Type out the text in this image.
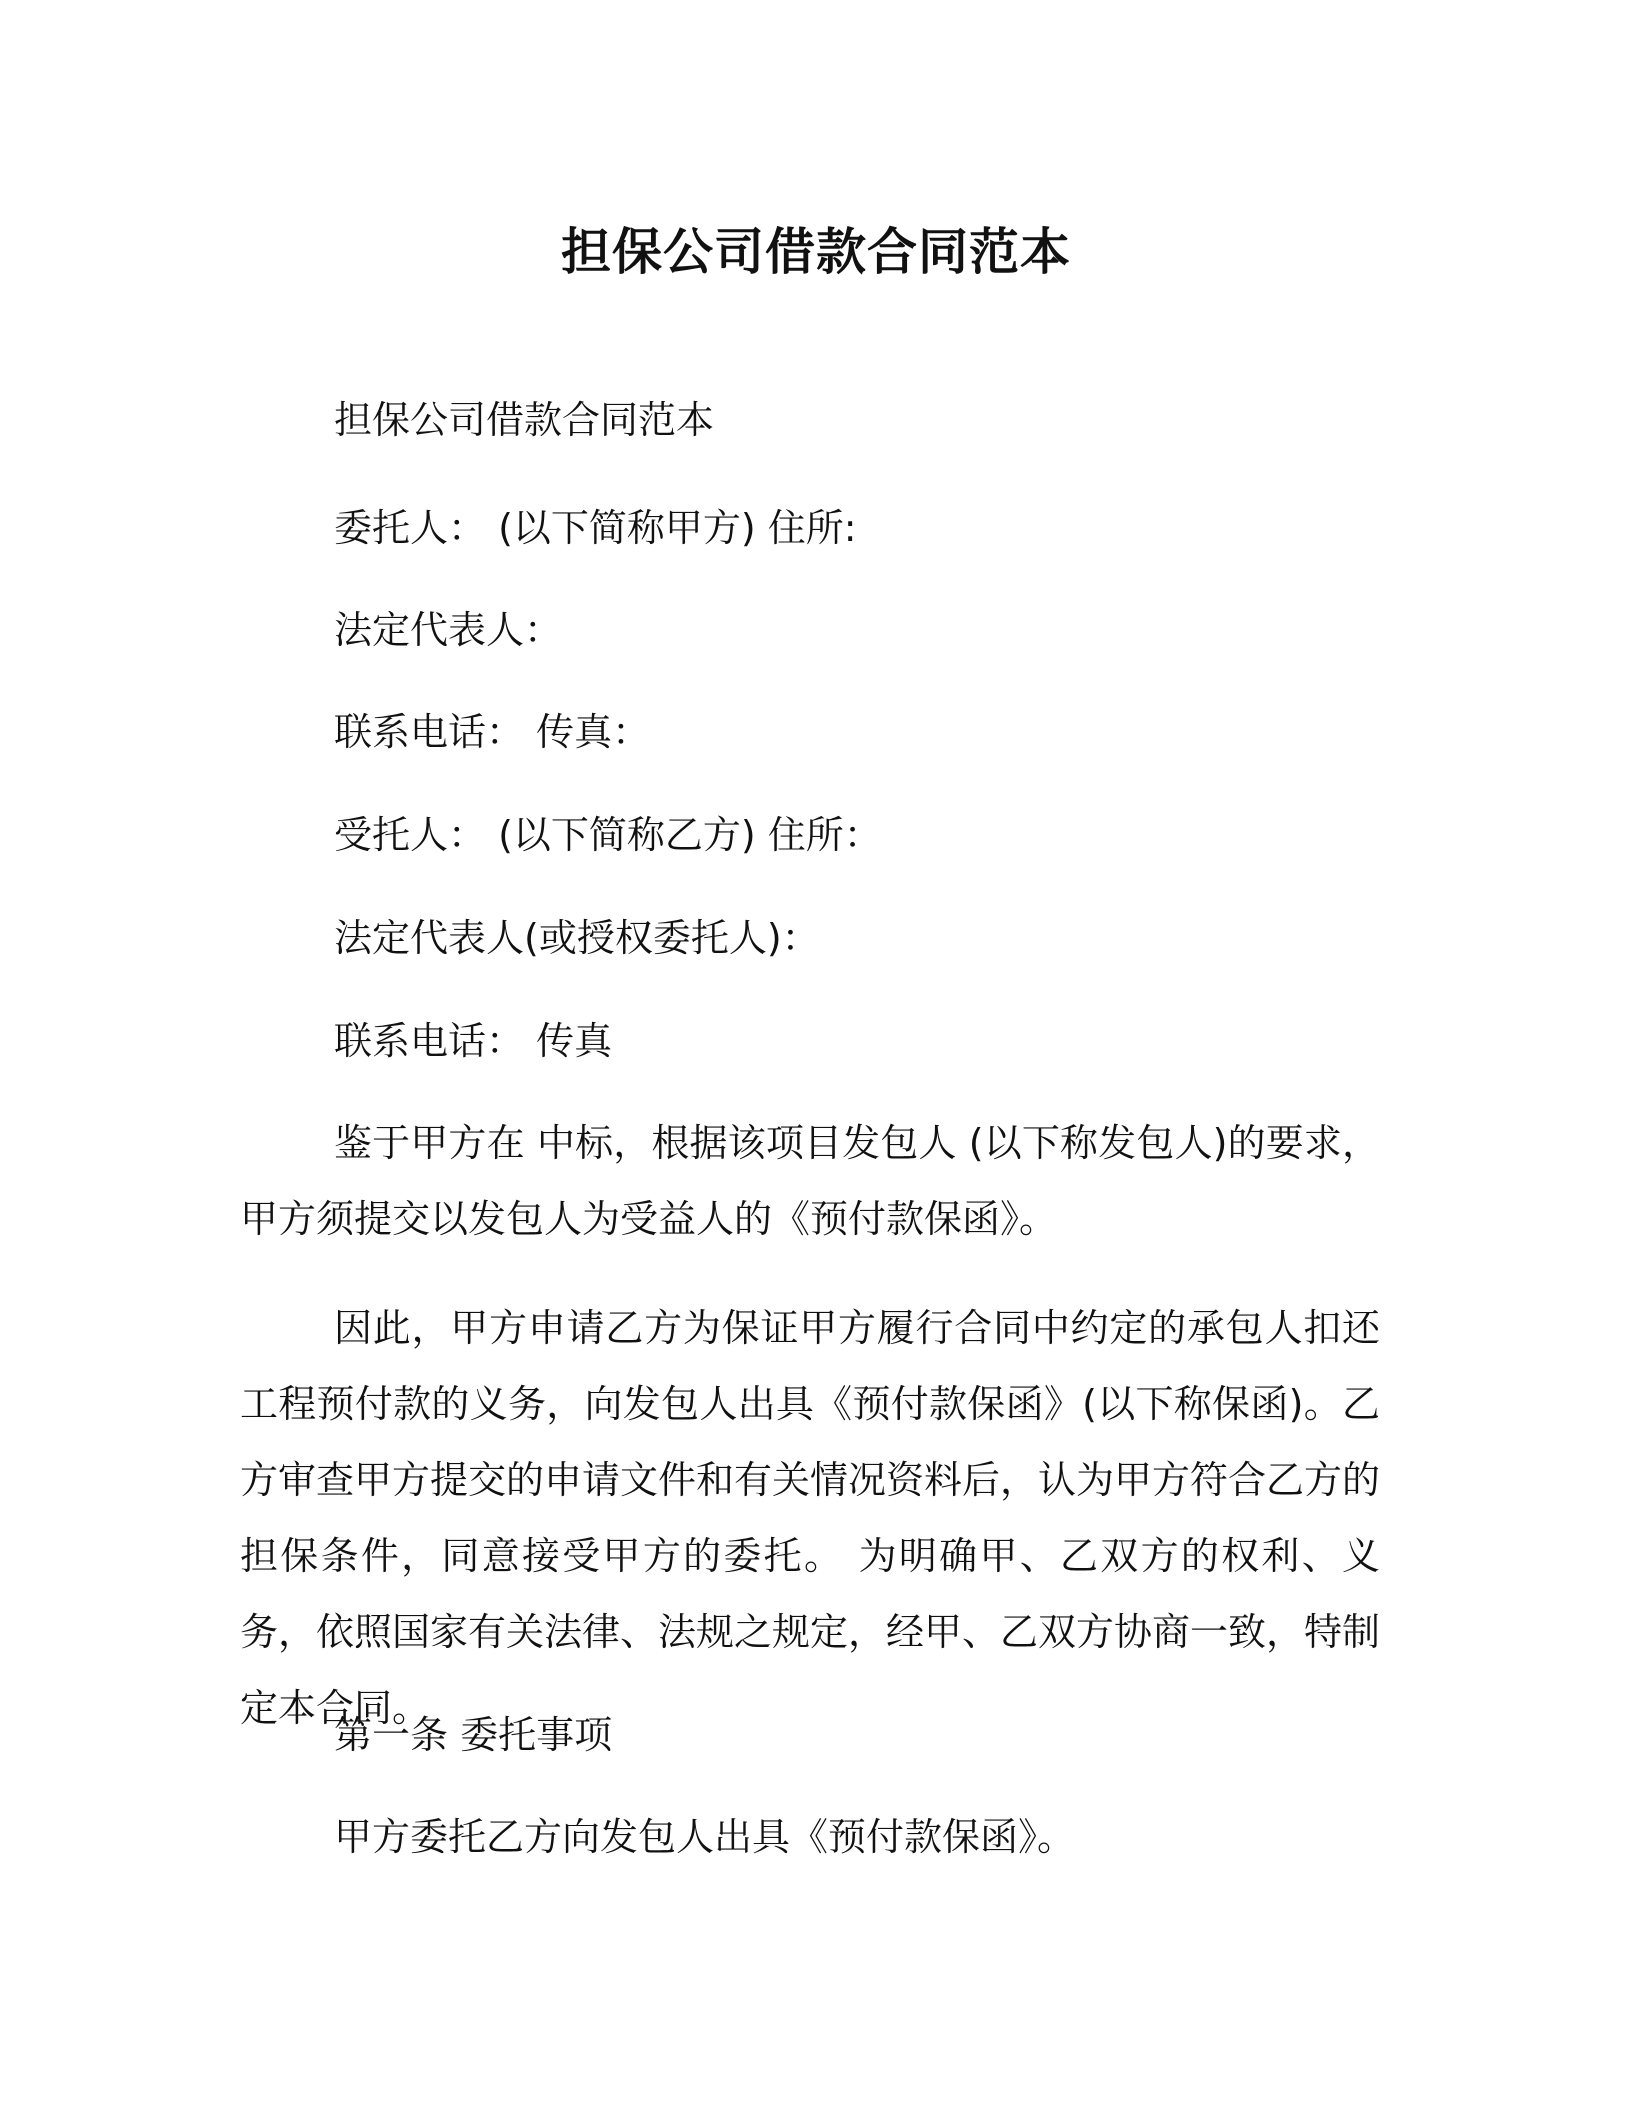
担保公司借款合同范本
担保公司借款合同范本
委托人： (以下简称甲方) 住所:
法定代表人：
联系电话： 传真：
受托人： (以下简称乙方) 住所：
法定代表人(或授权委托人)：
联系电话： 传真

鉴于甲方在 中标，根据该项目发包人 (以下称发包人)的要求，甲方须提交以发包人为受益人的《预付款保函》。

因此，甲方申请乙方为保证甲方履行合同中约定的承包人扣还工程预付款的义务，向发包人出具《预付款保函》(以下称保函)。乙方审查甲方提交的申请文件和有关情况资料后，认为甲方符合乙方的担保条件，同意接受甲方的委托。 为明确甲、乙双方的权利、义务，依照国家有关法律、法规之规定，经甲、乙双方协商一致，特制定本合同。

第一条 委托事项
甲方委托乙方向发包人出具《预付款保函》。
